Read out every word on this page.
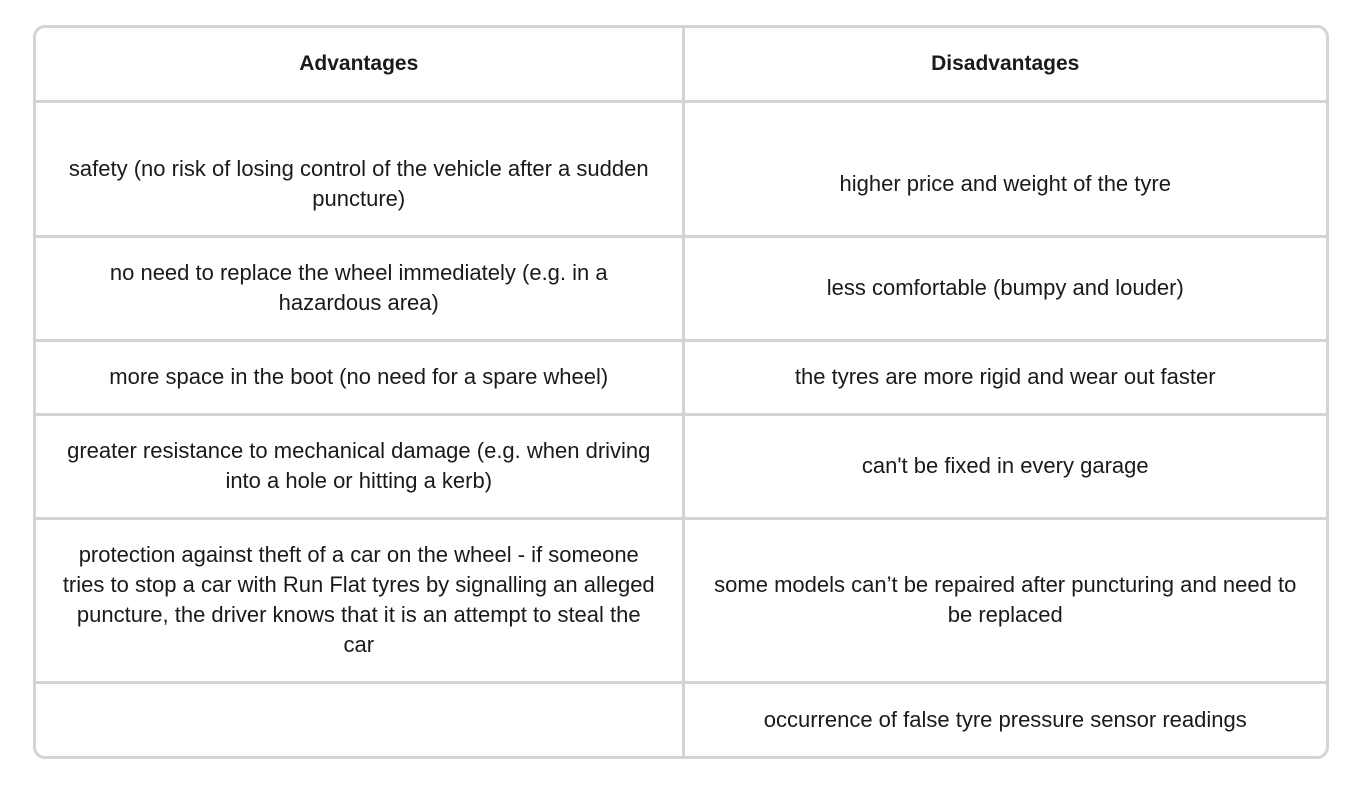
Advantages	Disadvantages
safety (no risk of losing control of the vehicle after a sudden puncture)	higher price and weight of the tyre
no need to replace the wheel immediately (e.g. in a hazardous area)	less comfortable (bumpy and louder)
more space in the boot (no need for a spare wheel)	the tyres are more rigid and wear out faster
greater resistance to mechanical damage (e.g. when driving into a hole or hitting a kerb)	can't be fixed in every garage
protection against theft of a car on the wheel - if someone tries to stop a car with Run Flat tyres by signalling an alleged puncture, the driver knows that it is an attempt to steal the car	some models can’t be repaired after puncturing and need to be replaced
	occurrence of false tyre pressure sensor readings
